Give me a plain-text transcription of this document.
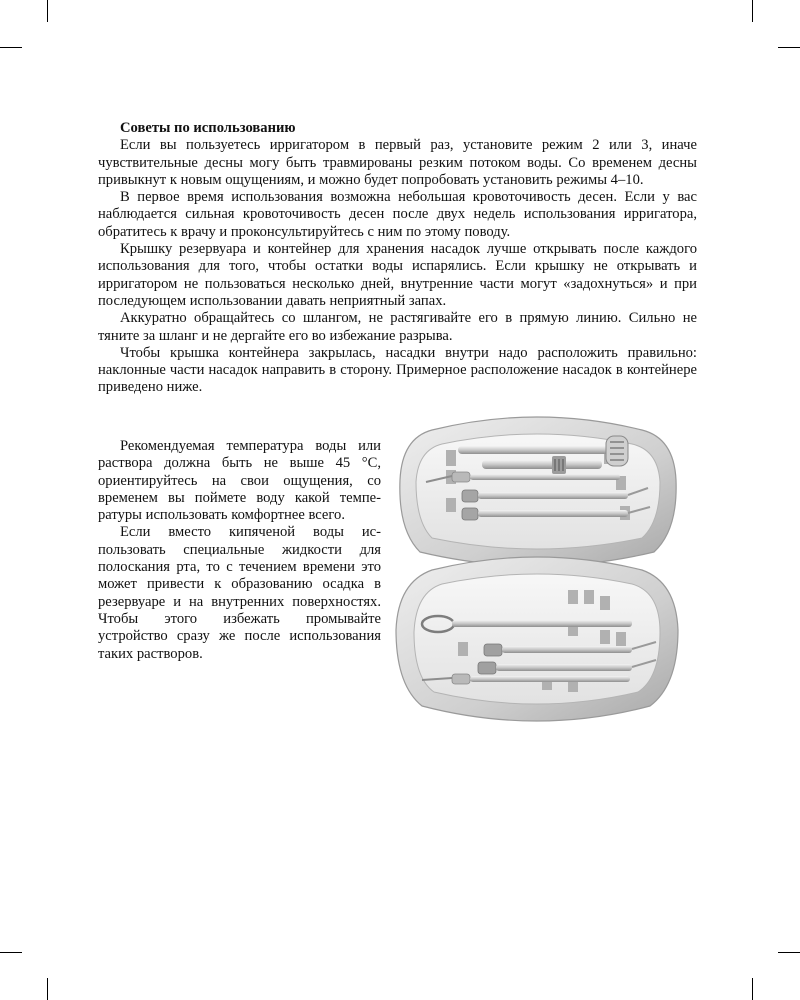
Советы по использованию

Если вы пользуетесь ирригатором в первый раз, установите режим 2 или 3, иначе чувствительные десны могу быть травмированы резким потоком воды. Со временем десны привыкнут к новым ощущениям, и можно будет попробовать установить режимы 4–10.

В первое время использования возможна небольшая кровоточивость десен. Если у вас наблюдается сильная кровоточивость десен после двух недель использования ирригатора, обратитесь к врачу и проконсультируйтесь с ним по этому поводу.

Крышку резервуара и контейнер для хранения насадок лучше открывать после каждого использования для того, чтобы остатки воды испарялись. Если крышку не открывать и ирригатором не пользоваться несколько дней, внутренние части могут «задохнуться» и при последующем использовании давать неприятный запах.

Аккуратно обращайтесь со шлангом, не растягивайте его в прямую линию. Сильно не тяните за шланг и не дергайте его во избежание разрыва.

Чтобы крышка контейнера закрылась, насадки внутри надо расположить правильно: наклонные части насадок направить в сторону. Примерное расположение насадок в контейнере приведено ниже.

Рекомендуемая температура воды или раствора должна быть не выше 45 °С, ориентируйтесь на свои ощущения, со временем вы поймете воду какой температуры использовать комфортнее всего.

Если вместо кипяченой воды использовать специальные жидкости для полоскания рта, то с течением времени это может привести к образованию осадка в резервуаре и на внутренних поверхностях. Чтобы этого избежать промывайте устройство сразу же после использования таких растворов.
